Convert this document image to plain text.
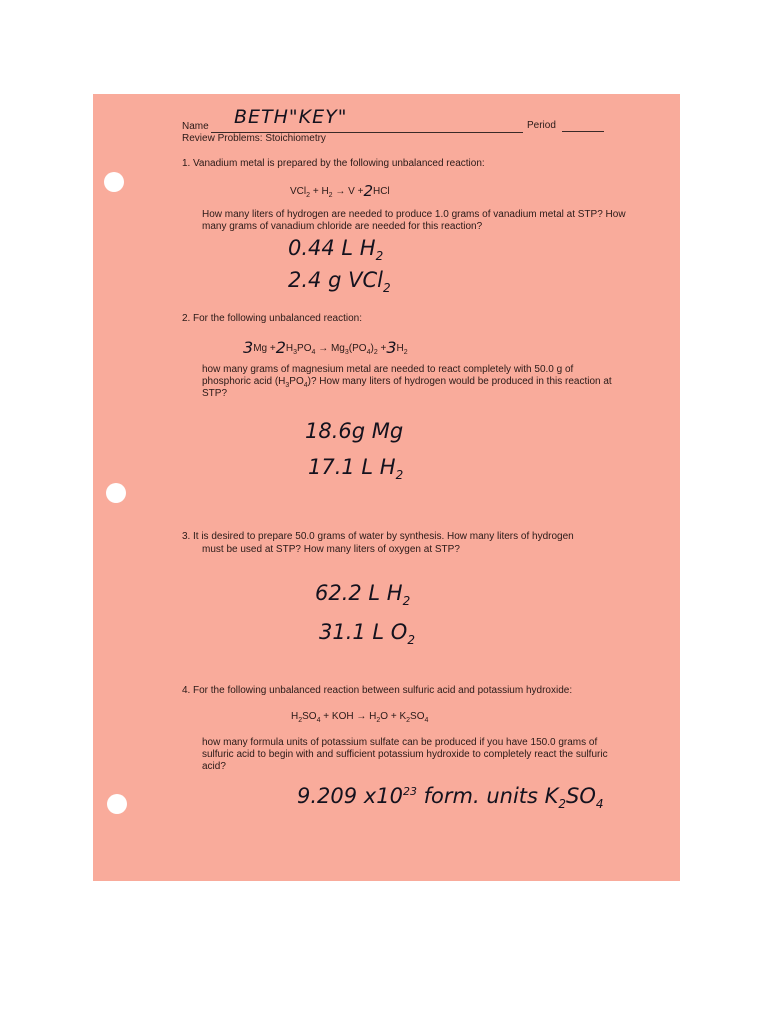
Name BETH"KEY"	Period
Review Problems: Stoichiometry
1. Vanadium metal is prepared by the following unbalanced reaction:
$VCl_2 + H_2 \to V +2HCl$
How many liters of hydrogen are needed to produce 1.0 grams of vanadium metal at STP? How many grams of vanadium chloride are needed for this reaction?
0.44 L $H_2$
2.4 g VCl$_2$
2. For the following unbalanced reaction:
$3Mg +2H_3PO_4 \to Mg_3(PO_4)_2 +3H_2$
how many grams of magnesium metal are needed to react completely with 50.0 g of phosphoric acid $(H_3PO_4)$? How many liters of hydrogen would be produced in this reaction at STP?
18.6g Mg
17.1 L $H_2$
3. It is desired to prepare 50.0 grams of water by synthesis. How many liters of hydrogen
must be used at STP? How many liters of oxygen at STP?
62.2 L $H_2$
31.1 L $O_2$
4. For the following unbalanced reaction between sulfuric acid and potassium hydroxide:
$H_2SO_4$ + KOH → $H_2O + K_2SO_4$
how many formula units of potassium sulfate can be produced if you have 150.0 grams of sulfuric acid to begin with and sufficient potassium hydroxide to completely react the sulfuric acid?
9.209 $x10^{23}$ form. units $K_2SO_4$
